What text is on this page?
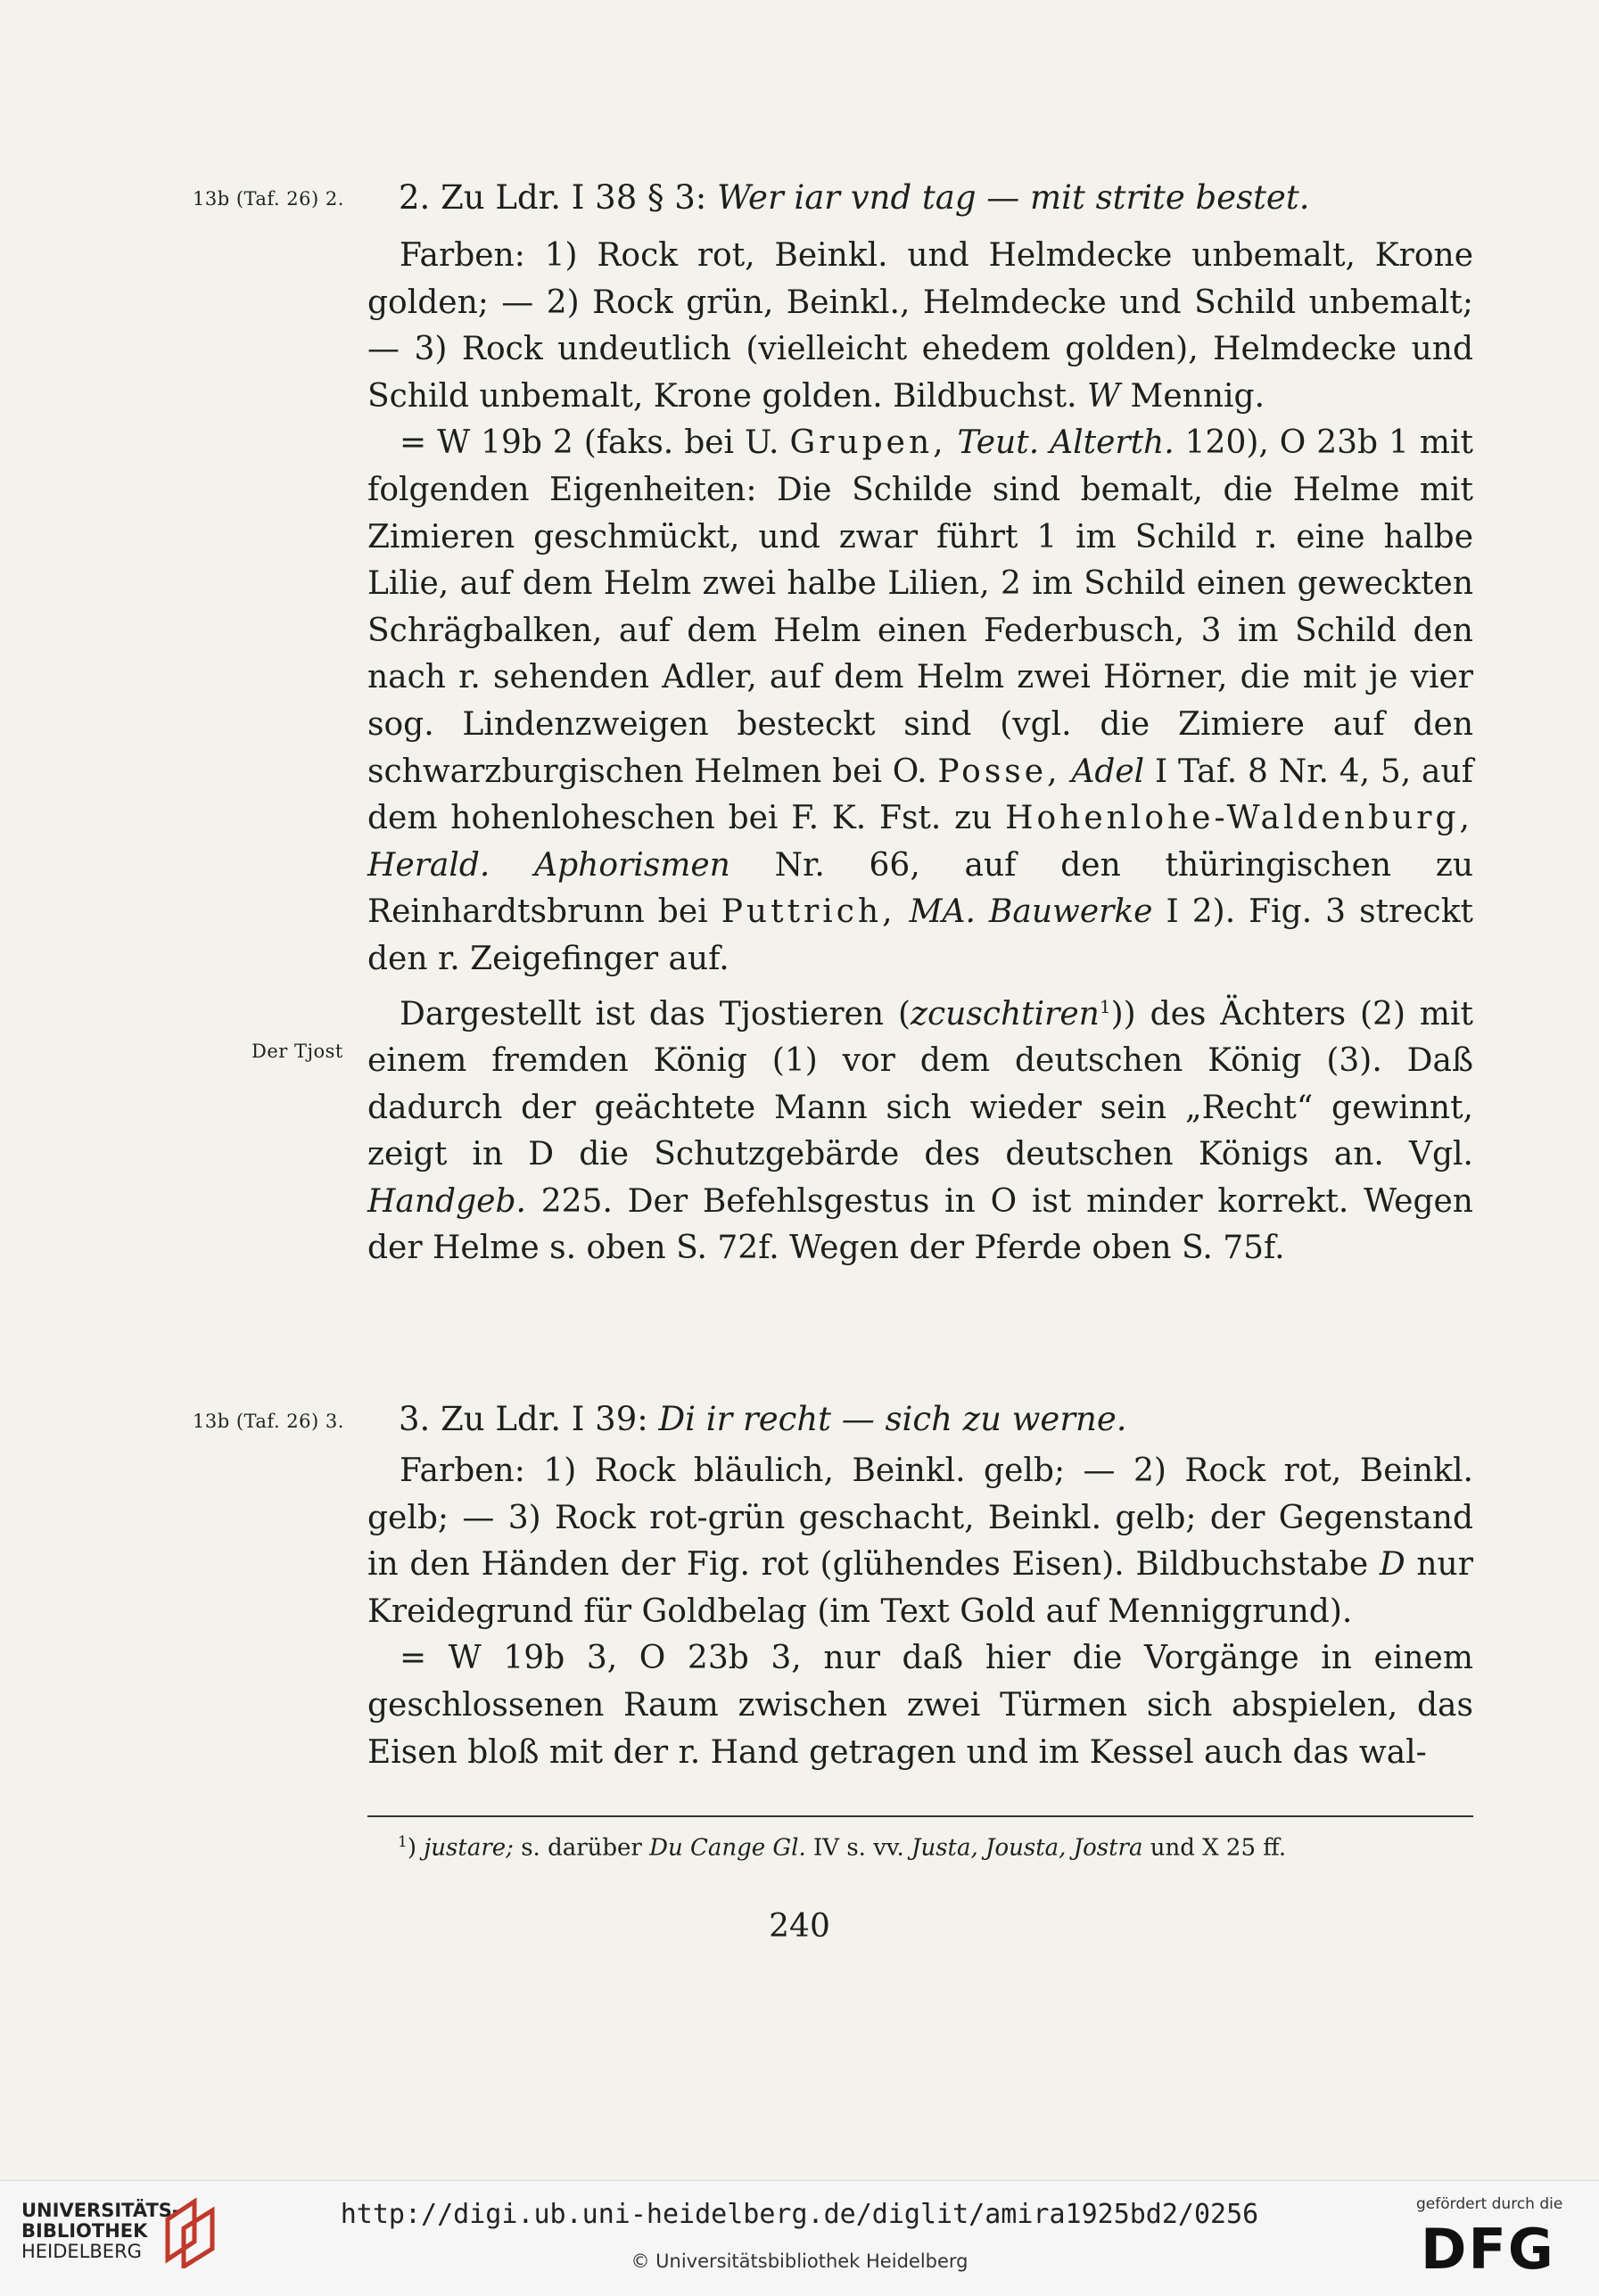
13b (Taf. 26) 2. 2. Zu Ldr. I 38 § 3: Wer iar vnd tag — mit strite bestet.

Farben: 1) Rock rot, Beinkl. und Helmdecke unbemalt, Krone golden; — 2) Rock grün, Beinkl., Helmdecke und Schild unbemalt; — 3) Rock undeutlich (vielleicht ehedem golden), Helmdecke und Schild unbemalt, Krone golden. Bildbuchst. W Mennig.

= W 19b 2 (faks. bei U. Grupen, Teut. Alterth. 120), O 23b 1 mit folgenden Eigenheiten: Die Schilde sind bemalt, die Helme mit Zimieren geschmückt, und zwar führt 1 im Schild r. eine halbe Lilie, auf dem Helm zwei halbe Lilien, 2 im Schild einen geweckten Schrägbalken, auf dem Helm einen Federbusch, 3 im Schild den nach r. sehenden Adler, auf dem Helm zwei Hörner, die mit je vier sog. Lindenzweigen besteckt sind (vgl. die Zimiere auf den schwarzburgischen Helmen bei O. Posse, Adel I Taf. 8 Nr. 4, 5, auf dem hohenloheschen bei F. K. Fst. zu Hohenlohe-Waldenburg, Herald. Aphorismen Nr. 66, auf den thüringischen zu Reinhardtsbrunn bei Puttrich, MA. Bauwerke I 2). Fig. 3 streckt den r. Zeigefinger auf.

Dargestellt ist das Tjostieren (zcuschtiren$^1$)) des Ächters (2) mit einem fremden König (1) vor dem deutschen König (3). Daß dadurch der geächtete Mann sich wieder sein „Recht“ gewinnt, zeigt in D die Schutzgebärde des deutschen Königs an. Vgl. Handgeb. 225. Der Befehlsgestus in O ist minder korrekt. Wegen der Helme s. oben S. 72f. Wegen der Pferde oben S. 75f.

Der Tjost
13b (Taf. 26) 3. 3. Zu Ldr. I 39: Di ir recht — sich zu werne.

Farben: 1) Rock bläulich, Beinkl. gelb; — 2) Rock rot, Beinkl. gelb; — 3) Rock rot-grün geschacht, Beinkl. gelb; der Gegenstand in den Händen der Fig. rot (glühendes Eisen). Bildbuchstabe D nur Kreidegrund für Goldbelag (im Text Gold auf Menniggrund).

= W 19b 3, O 23b 3, nur daß hier die Vorgänge in einem geschlossenen Raum zwischen zwei Türmen sich abspielen, das Eisen bloß mit der r. Hand getragen und im Kessel auch das wal-

$^1$) justare; s. darüber Du Cange Gl. IV s. vv. Justa, Jousta, Jostra und X 25 ff.
240
UNIVERSITÄTS-
BIBLIOTHEK
HEIDELBERG
http://digi.ub.uni-heidelberg.de/diglit/amira1925bd2/0256
© Universitätsbibliothek Heidelberg
gefördert durch die
DFG
